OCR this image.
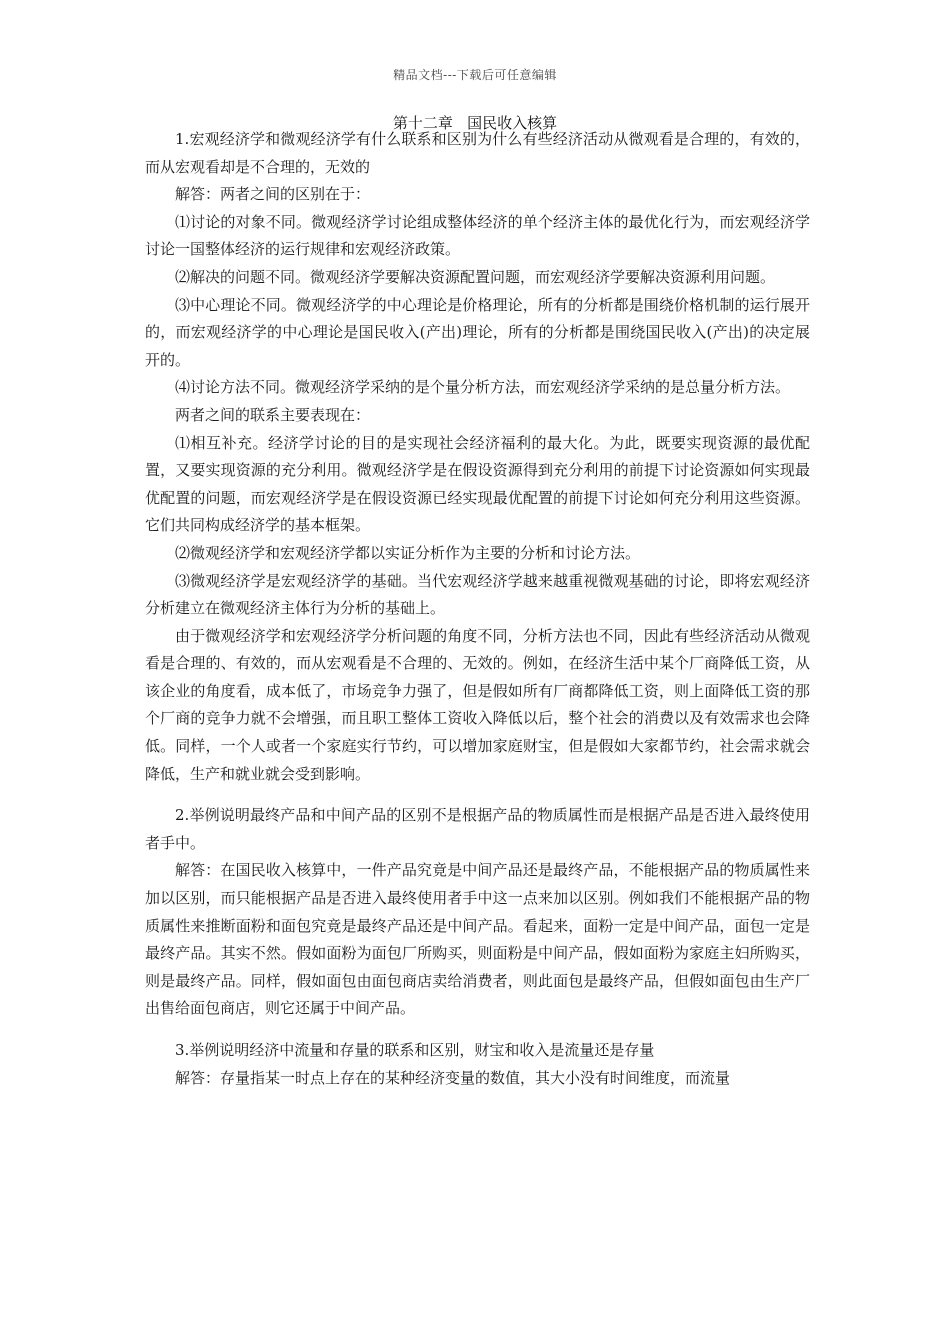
精品文档---下载后可任意编辑
第十二章   国民收入核算

1.宏观经济学和微观经济学有什么联系和区别为什么有些经济活动从微观看是合理的，有效的，而从宏观看却是不合理的，无效的

解答：两者之间的区别在于：

⑴讨论的对象不同。微观经济学讨论组成整体经济的单个经济主体的最优化行为，而宏观经济学讨论一国整体经济的运行规律和宏观经济政策。

⑵解决的问题不同。微观经济学要解决资源配置问题，而宏观经济学要解决资源利用问题。

⑶中心理论不同。微观经济学的中心理论是价格理论，所有的分析都是围绕价格机制的运行展开的，而宏观经济学的中心理论是国民收入(产出)理论，所有的分析都是围绕国民收入(产出)的决定展开的。

⑷讨论方法不同。微观经济学采纳的是个量分析方法，而宏观经济学采纳的是总量分析方法。

两者之间的联系主要表现在：

⑴相互补充。经济学讨论的目的是实现社会经济福利的最大化。为此，既要实现资源的最优配置，又要实现资源的充分利用。微观经济学是在假设资源得到充分利用的前提下讨论资源如何实现最优配置的问题，而宏观经济学是在假设资源已经实现最优配置的前提下讨论如何充分利用这些资源。它们共同构成经济学的基本框架。

⑵微观经济学和宏观经济学都以实证分析作为主要的分析和讨论方法。

⑶微观经济学是宏观经济学的基础。当代宏观经济学越来越重视微观基础的讨论，即将宏观经济分析建立在微观经济主体行为分析的基础上。

由于微观经济学和宏观经济学分析问题的角度不同，分析方法也不同，因此有些经济活动从微观看是合理的、有效的，而从宏观看是不合理的、无效的。例如，在经济生活中某个厂商降低工资，从该企业的角度看，成本低了，市场竞争力强了，但是假如所有厂商都降低工资，则上面降低工资的那个厂商的竞争力就不会增强，而且职工整体工资收入降低以后，整个社会的消费以及有效需求也会降低。同样，一个人或者一个家庭实行节约，可以增加家庭财宝，但是假如大家都节约，社会需求就会降低，生产和就业就会受到影响。

2.举例说明最终产品和中间产品的区别不是根据产品的物质属性而是根据产品是否进入最终使用者手中。

解答：在国民收入核算中，一件产品究竟是中间产品还是最终产品，不能根据产品的物质属性来加以区别，而只能根据产品是否进入最终使用者手中这一点来加以区别。例如我们不能根据产品的物质属性来推断面粉和面包究竟是最终产品还是中间产品。看起来，面粉一定是中间产品，面包一定是最终产品。其实不然。假如面粉为面包厂所购买，则面粉是中间产品，假如面粉为家庭主妇所购买，则是最终产品。同样，假如面包由面包商店卖给消费者，则此面包是最终产品，但假如面包由生产厂出售给面包商店，则它还属于中间产品。

3.举例说明经济中流量和存量的联系和区别，财宝和收入是流量还是存量

解答：存量指某一时点上存在的某种经济变量的数值，其大小没有时间维度，而流量
